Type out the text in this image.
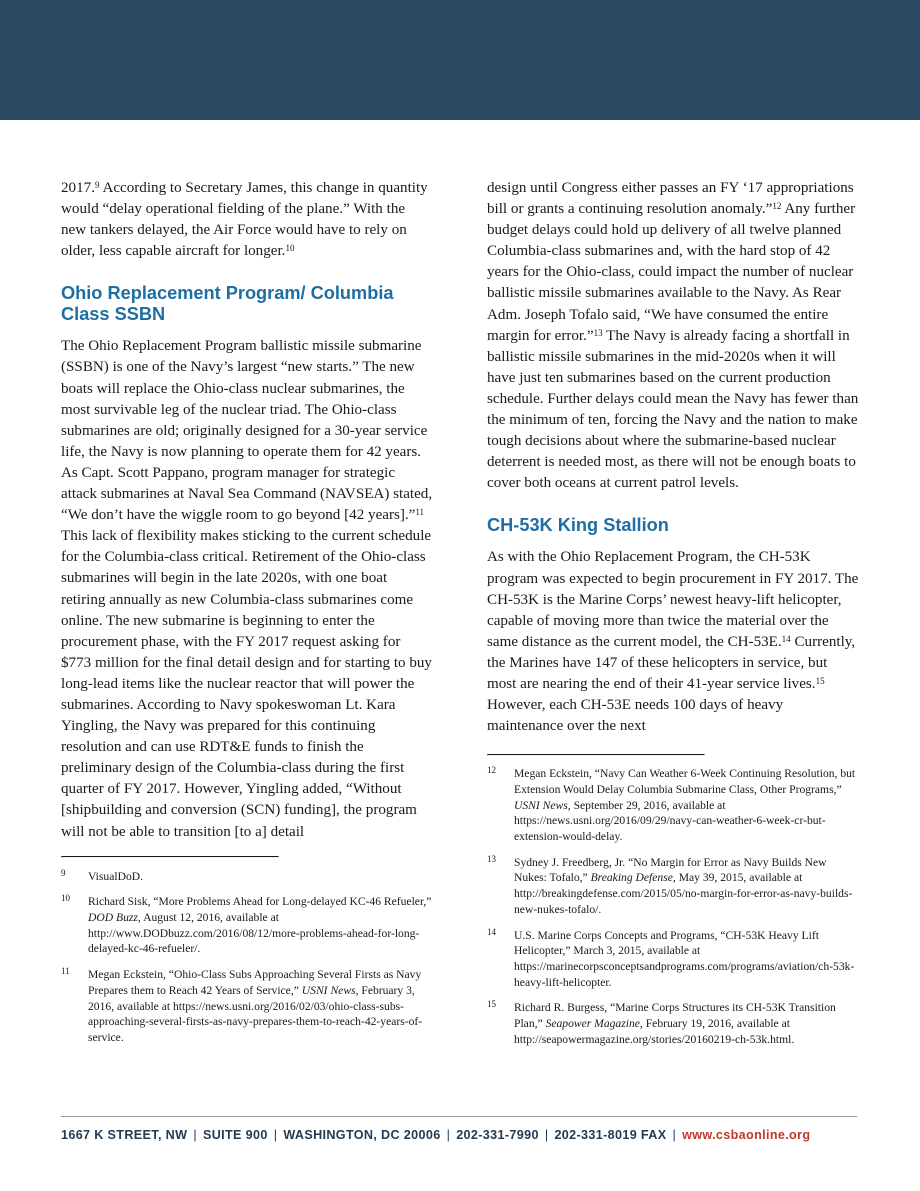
2017.$^9$ According to Secretary James, this change in quantity would “delay operational fielding of the plane.” With the new tankers delayed, the Air Force would have to rely on older, less capable aircraft for longer.$^{10}$

Ohio Replacement Program/ Columbia Class SSBN

The Ohio Replacement Program ballistic missile submarine (SSBN) is one of the Navy’s largest “new starts.” The new boats will replace the Ohio-class nuclear submarines, the most survivable leg of the nuclear triad. The Ohio-class submarines are old; originally designed for a 30-year service life, the Navy is now planning to operate them for 42 years. As Capt. Scott Pappano, program manager for strategic attack submarines at Naval Sea Command (NAVSEA) stated, “We don’t have the wiggle room to go beyond [42 years].”$^{11}$ This lack of flexibility makes sticking to the current schedule for the Columbia-class critical. Retirement of the Ohio-class submarines will begin in the late 2020s, with one boat retiring annually as new Columbia-class submarines come online. The new submarine is beginning to enter the procurement phase, with the FY 2017 request asking for $773 million for the final detail design and for starting to buy long-lead items like the nuclear reactor that will power the submarines. According to Navy spokeswoman Lt. Kara Yingling, the Navy was prepared for this continuing resolution and can use RDT&E funds to finish the preliminary design of the Columbia-class during the first quarter of FY 2017. However, Yingling added, “Without [shipbuilding and conversion (SCN) funding], the program will not be able to transition [to a] detail

9	VisualDoD.
10	Richard Sisk, “More Problems Ahead for Long-delayed KC-46 Refueler,” DOD Buzz, August 12, 2016, available at http://www.DODbuzz.com/2016/08/12/more-problems-ahead-for-long-delayed-kc-46-refueler/.
11	Megan Eckstein, “Ohio-Class Subs Approaching Several Firsts as Navy Prepares them to Reach 42 Years of Service,” USNI News, February 3, 2016, available at https://news.usni.org/2016/02/03/ohio-class-subs-approaching-several-firsts-as-navy-prepares-them-to-reach-42-years-of-service.

design until Congress either passes an FY ‘17 appropriations bill or grants a continuing resolution anomaly.”$^{12}$ Any further budget delays could hold up delivery of all twelve planned Columbia-class submarines and, with the hard stop of 42 years for the Ohio-class, could impact the number of nuclear ballistic missile submarines available to the Navy. As Rear Adm. Joseph Tofalo said, “We have consumed the entire margin for error.”$^{13}$ The Navy is already facing a shortfall in ballistic missile submarines in the mid-2020s when it will have just ten submarines based on the current production schedule. Further delays could mean the Navy has fewer than the minimum of ten, forcing the Navy and the nation to make tough decisions about where the submarine-based nuclear deterrent is needed most, as there will not be enough boats to cover both oceans at current patrol levels.

CH-53K King Stallion

As with the Ohio Replacement Program, the CH-53K program was expected to begin procurement in FY 2017. The CH-53K is the Marine Corps’ newest heavy-lift helicopter, capable of moving more than twice the material over the same distance as the current model, the CH-53E.$^{14}$ Currently, the Marines have 147 of these helicopters in service, but most are nearing the end of their 41-year service lives.$^{15}$ However, each CH-53E needs 100 days of heavy maintenance over the next

12	Megan Eckstein, “Navy Can Weather 6-Week Continuing Resolution, but Extension Would Delay Columbia Submarine Class, Other Programs,” USNI News, September 29, 2016, available at https://news.usni.org/2016/09/29/navy-can-weather-6-week-cr-but-extension-would-delay.
13	Sydney J. Freedberg, Jr. “No Margin for Error as Navy Builds New Nukes: Tofalo,” Breaking Defense, May 39, 2015, available at http://breakingdefense.com/2015/05/no-margin-for-error-as-navy-builds-new-nukes-tofalo/.
14	U.S. Marine Corps Concepts and Programs, “CH-53K Heavy Lift Helicopter,” March 3, 2015, available at https://marinecorpsconceptsandprograms.com/programs/aviation/ch-53k-heavy-lift-helicopter.
15	Richard R. Burgess, “Marine Corps Structures its CH-53K Transition Plan,” Seapower Magazine, February 19, 2016, available at http://seapowermagazine.org/stories/20160219-ch-53k.html.
1667 K STREET, NW | SUITE 900 | WASHINGTON, DC 20006 | 202-331-7990 | 202-331-8019 FAX | www.csbaonline.org
